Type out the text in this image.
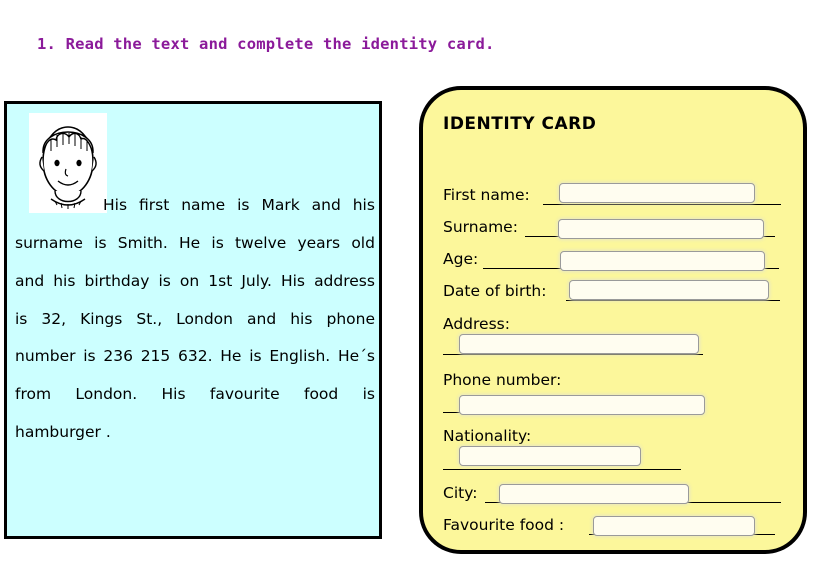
1. Read the text and complete the identity card.
His first name is Mark and his
surname is Smith. He is twelve years old
and his birthday is on 1st July. His address
is 32, Kings St., London and his phone
number is 236 215 632. He is English. He´s
from London. His favourite food is
hamburger .
IDENTITY CARD
First name:
Surname:
Age:
Date of birth:
Address:
Phone number:
Nationality:
City:
Favourite food :
